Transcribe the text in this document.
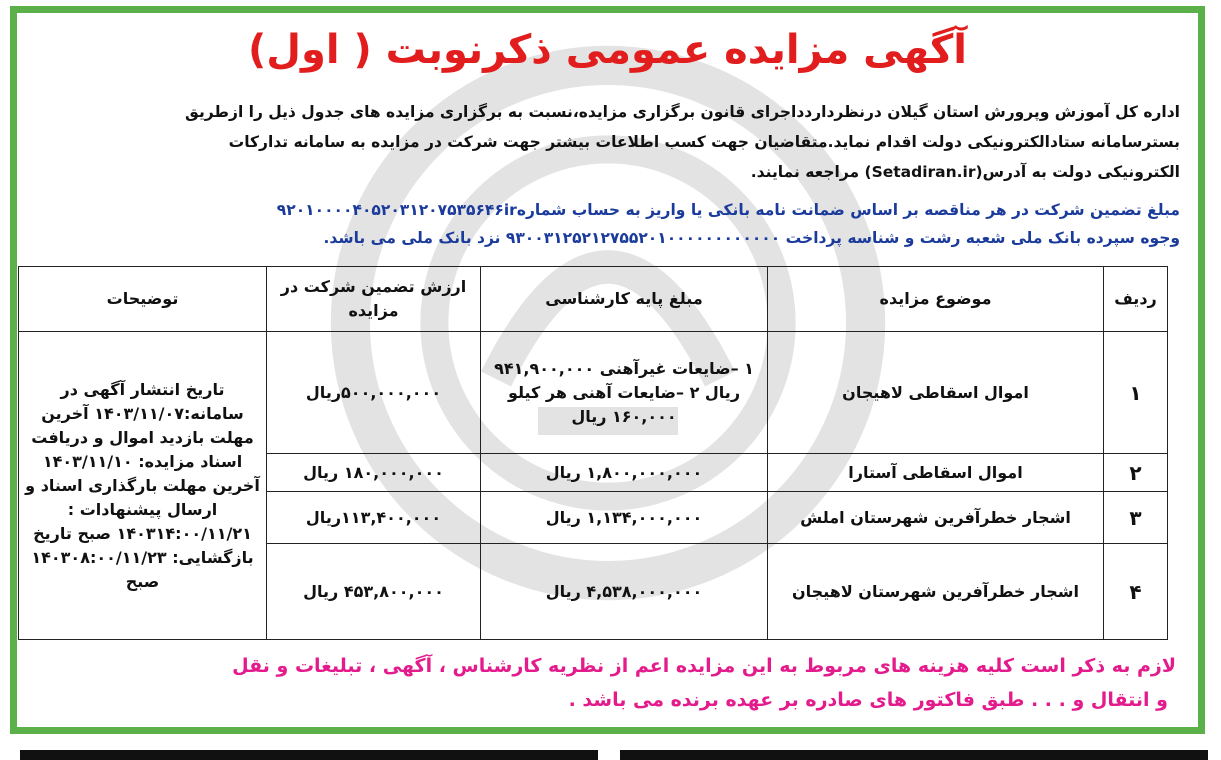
آگهی مزایده عمومی ذکرنوبت ( اول)

اداره کل آموزش وپرورش استان گیلان درنظرداردداجرای قانون برگزاری مزایده،نسبت به برگزاری مزایده های جدول ذیل را ازطریق

بسترسامانه ستادالکترونیکی دولت اقدام نماید.متقاضیان جهت کسب اطلاعات بیشتر جهت شرکت در مزایده به سامانه تدارکات

الکترونیکی دولت به آدرس(Setadiran.ir) مراجعه نمایند.

مبلغ تضمین شرکت در هر مناقصه بر اساس ضمانت نامه بانکی یا واریز به حساب شماره۹۲۰۱۰۰۰۰۴۰۵۲۰۳۱۲۰۷۵۳۵۶۴۶ir

وجوه سپرده بانک ملی شعبه رشت و شناسه پرداخت ۹۳۰۰۳۱۲۵۲۱۲۷۵۵۲۰۱۰۰۰۰۰۰۰۰۰۰۰۰ نزد بانک ملی می باشد.

ردیف	موضوع مزایده	مبلغ پایه کارشناسی	ارزش تضمین شرکت در مزایده	توضیحات
۱	اموال اسقاطی لاهیجان	۱ –ضایعات غیرآهنی ۹۴۱,۹۰۰,۰۰۰ ریال ۲ –ضایعات آهنی هر کیلو ۱۶۰,۰۰۰ ریال	۵۰۰,۰۰۰,۰۰۰ریال	تاریخ انتشار آگهی در سامانه:۱۴۰۳/۱۱/۰۷ آخرین مهلت بازدید اموال و دریافت اسناد مزایده: ۱۴۰۳/۱۱/۱۰ آخرین مهلت بارگذاری اسناد و ارسال پیشنهادات : ۱۴۰۳۱۴:۰۰/۱۱/۲۱ صبح تاریخ بازگشایی: ۱۴۰۳۰۸:۰۰/۱۱/۲۳ صبح
۲	اموال اسقاطی آستارا	۱,۸۰۰,۰۰۰,۰۰۰ ریال	۱۸۰,۰۰۰,۰۰۰ ریال	
۳	اشجار خطرآفرین شهرستان املش	۱,۱۳۴,۰۰۰,۰۰۰ ریال	۱۱۳,۴۰۰,۰۰۰ریال	
۴	اشجار خطرآفرین شهرستان لاهیجان	۴,۵۳۸,۰۰۰,۰۰۰ ریال	۴۵۳,۸۰۰,۰۰۰ ریال	

لازم به ذکر است کلیه هزینه های مربوط به این مزایده اعم از نظریه کارشناس ، آگهی ، تبلیغات و نقل

و انتقال و . . . طبق فاکتور های صادره بر عهده برنده می باشد .
